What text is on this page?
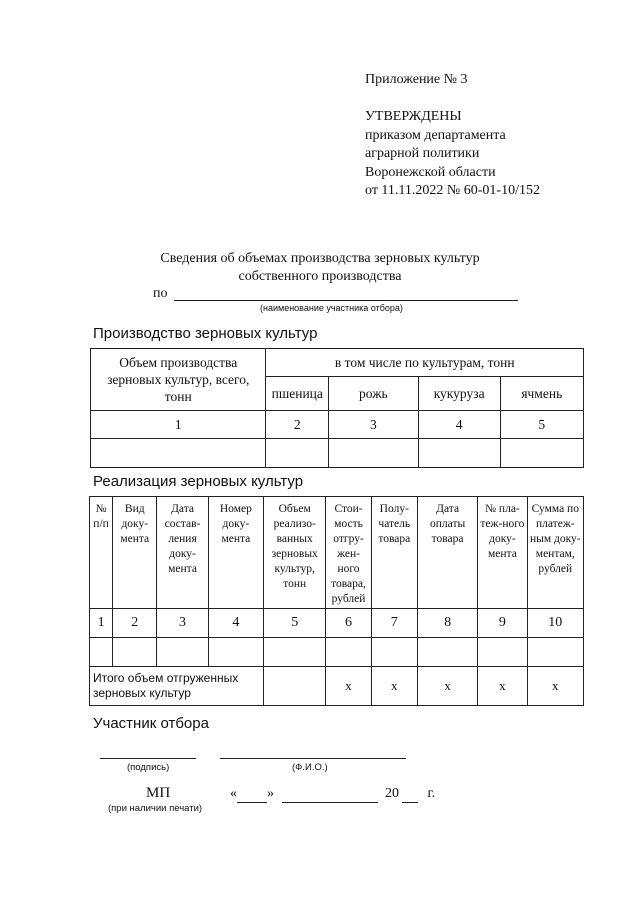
Приложение № 3
УТВЕРЖДЕНЫ
приказом департамента
аграрной политики
Воронежской области
от 11.11.2022 № 60-01-10/152
Сведения об объемах производства зерновых культур
собственного производства
по
(наименование участника отбора)
Производство зерновых культур
Объем производства зерновых культур, всего, тонн	в том числе по культурам, тонн			
	пшеница	рожь	кукуруза	ячмень
1	2	3	4	5

Реализация зерновых культур
№ п/п	Вид доку-мента	Дата состав-ления доку-мента	Номер доку-мента	Объем реализо-ванных зерновых культур, тонн	Стои-мость отгру-жен-ного товара, рублей	Полу-чатель товара	Дата оплаты товара	№ пла-теж-ного доку-мента	Сумма по платеж-ным доку-ментам, рублей
1	2	3	4	5	6	7	8	9	10

Итого объем отгруженных зерновых культур					х	х	х	х	х
Участник отбора
(подпись)	(Ф.И.О.)
МП
(при наличии печати)
« »	20 г.
